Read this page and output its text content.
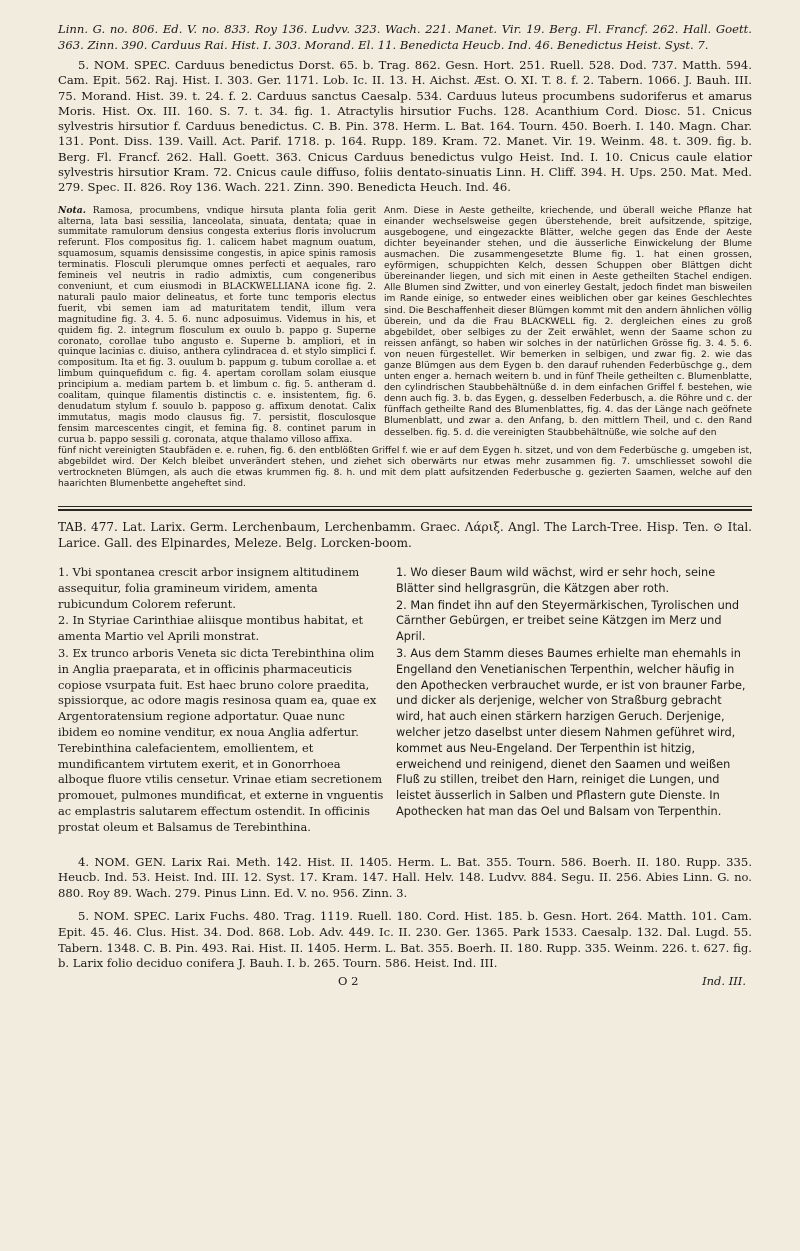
Linn. G. no. 806. Ed. V. no. 833. Roy 136. Ludvv. 323. Wach. 221. Manet. Vir. 19. Berg. Fl. Francf. 262. Hall. Goett. 363. Zinn. 390. Carduus Rai. Hist. I. 303. Morand. El. 11. Benedicta Heucb. Ind. 46. Benedictus Heist. Syst. 7.

5. NOM. SPEC. Carduus benedictus Dorst. 65. b. Trag. 862. Gesn. Hort. 251. Ruell. 528. Dod. 737. Matth. 594. Cam. Epit. 562. Raj. Hist. I. 303. Ger. 1171. Lob. Ic. II. 13. H. Aichst. Æst. O. XI. T. 8. f. 2. Tabern. 1066. J. Bauh. III. 75. Morand. Hist. 39. t. 24. f. 2. Carduus sanctus Caesalp. 534. Carduus luteus procumbens sudoriferus et amarus Moris. Hist. Ox. III. 160. S. 7. t. 34. fig. 1. Atractylis hirsutior Fuchs. 128. Acanthium Cord. Diosc. 51. Cnicus sylvestris hirsutior f. Carduus benedictus. C. B. Pin. 378. Herm. L. Bat. 164. Tourn. 450. Boerh. I. 140. Magn. Char. 131. Pont. Diss. 139. Vaill. Act. Parif. 1718. p. 164. Rupp. 189. Kram. 72. Manet. Vir. 19. Weinm. 48. t. 309. fig. b. Berg. Fl. Francf. 262. Hall. Goett. 363. Cnicus Carduus benedictus vulgo Heist. Ind. I. 10. Cnicus caule elatior sylvestris hirsutior Kram. 72. Cnicus caule diffuso, foliis dentato-sinuatis Linn. H. Cliff. 394. H. Ups. 250. Mat. Med. 279. Spec. II. 826. Roy 136. Wach. 221. Zinn. 390. Benedicta Heuch. Ind. 46.

Nota. Ramosa, procumbens, vndique hirsuta planta folia gerit alterna, lata basi sessilia, lanceolata, sinuata, dentata; quae in summitate ramulorum densius congesta exterius floris involucrum referunt. Flos compositus fig. 1. calicem habet magnum ouatum, squamosum, squamis densissime congestis, in apice spinis ramosis terminatis. Flosculi plerumque omnes perfecti et aequales, raro femineis vel neutris in radio admixtis, cum congeneribus conveniunt, et cum eiusmodi in BLACKWELLIANA icone fig. 2. naturali paulo maior delineatus, et forte tunc temporis electus fuerit, vbi semen iam ad maturitatem tendit, illum vera magnitudine fig. 3. 4. 5. 6. nunc adposuimus. Videmus in his, et quidem fig. 2. integrum flosculum ex ouulo b. pappo g. Superne coronato, corollae tubo angusto e. Superne b. ampliori, et in quinque lacinias c. diuiso, anthera cylindracea d. et stylo simplici f. compositum. Ita et fig. 3. ouulum b. pappum g. tubum corollae a. et limbum quinquefidum c. fig. 4. apertam corollam solam eiusque principium a. mediam partem b. et limbum c. fig. 5. antheram d. coalitam, quinque filamentis distinctis c. e. insistentem, fig. 6. denudatum stylum f. souulo b. papposo g. affixum denotat. Calix immutatus, magis modo clausus fig. 7. persistit, flosculosque fensim marcescentes cingit, et femina fig. 8. continet parum in curua b. pappo sessili g. coronata, atque thalamo villoso affixa.

Anm. Diese in Aeste getheilte, kriechende, und überall weiche Pflanze hat einander wechselsweise gegen überstehende, breit aufsitzende, spitzige, ausgebogene, und eingezackte Blätter, welche gegen das Ende der Aeste dichter beyeinander stehen, und die äusserliche Einwickelung der Blume ausmachen. Die zusammengesetzte Blume fig. 1. hat einen grossen, eyförmigen, schuppichten Kelch, dessen Schuppen ober Blättgen dicht übereinander liegen, und sich mit einen in Aeste getheilten Stachel endigen. Alle Blumen sind Zwitter, und von einerley Gestalt, jedoch findet man bisweilen im Rande einige, so entweder eines weiblichen ober gar keines Geschlechtes sind. Die Beschaffenheit dieser Blümgen kommt mit den andern ähnlichen völlig überein, und da die Frau BLACKWELL fig. 2. dergleichen eines zu groß abgebildet, ober selbiges zu der Zeit erwählet, wenn der Saame schon zu reissen anfängt, so haben wir solches in der natürlichen Grösse fig. 3. 4. 5. 6. von neuen fürgestellet. Wir bemerken in selbigen, und zwar fig. 2. wie das ganze Blümgen aus dem Eygen b. den darauf ruhenden Federbüschge g., dem unten enger a. hernach weitern b. und in fünf Theile getheilten c. Blumenblatte, den cylindrischen Staubbehältnüße d. in dem einfachen Griffel f. bestehen, wie denn auch fig. 3. b. das Eygen, g. desselben Federbusch, a. die Röhre und c. der fünffach getheilte Rand des Blumenblattes, fig. 4. das der Länge nach geöfnete Blumenblatt, und zwar a. den Anfang, b. den mittlern Theil, und c. den Rand desselben. fig. 5. d. die vereinigten Staubbehältnüße, wie solche auf den

fünf nicht vereinigten Staubfäden e. e. ruhen, fig. 6. den entblößten Griffel f. wie er auf dem Eygen h. sitzet, und von dem Federbüsche g. umgeben ist, abgebildet wird. Der Kelch bleibet unverändert stehen, und ziehet sich oberwärts nur etwas mehr zusammen fig. 7. umschliesset sowohl die vertrockneten Blümgen, als auch die etwas krummen fig. 8. h. und mit dem platt aufsitzenden Federbusche g. gezierten Saamen, welche auf den haarichten Blumenbette angeheftet sind.

TAB. 477. Lat. Larix. Germ. Lerchenbaum, Lerchenbamm. Graec. Λάριξ. Angl. The Larch-Tree. Hisp. Ten. ⊙ Ital. Larice. Gall. des Elpinardes, Meleze. Belg. Lorcken-boom.

1. Vbi spontanea crescit arbor insignem altitudinem assequitur, folia gramineum viridem, amenta rubicundum Colorem referunt.

2. In Styriae Carinthiae aliisque montibus habitat, et amenta Martio vel Aprili monstrat.

3. Ex trunco arboris Veneta sic dicta Terebinthina olim in Anglia praeparata, et in officinis pharmaceuticis copiose vsurpata fuit. Est haec bruno colore praedita, spissiorque, ac odore magis resinosa quam ea, quae ex Argentoratensium regione adportatur. Quae nunc ibidem eo nomine venditur, ex noua Anglia adfertur. Terebinthina calefacientem, emollientem, et mundificantem virtutem exerit, et in Gonorrhoea alboque fluore vtilis censetur. Vrinae etiam secretionem promouet, pulmones mundificat, et externe in vnguentis ac emplastris salutarem effectum ostendit. In officinis prostat oleum et Balsamus de Terebinthina.

1. Wo dieser Baum wild wächst, wird er sehr hoch, seine Blätter sind hellgrasgrün, die Kätzgen aber roth.

2. Man findet ihn auf den Steyermärkischen, Tyrolischen und Cärnther Gebürgen, er treibet seine Kätzgen im Merz und April.

3. Aus dem Stamm dieses Baumes erhielte man ehemahls in Engelland den Venetianischen Terpenthin, welcher häufig in den Apothecken verbrauchet wurde, er ist von brauner Farbe, und dicker als derjenige, welcher von Straßburg gebracht wird, hat auch einen stärkern harzigen Geruch. Derjenige, welcher jetzo daselbst unter diesem Nahmen geführet wird, kommet aus Neu-Engeland. Der Terpenthin ist hitzig, erweichend und reinigend, dienet den Saamen und weißen Fluß zu stillen, treibet den Harn, reiniget die Lungen, und leistet äusserlich in Salben und Pflastern gute Dienste. In Apothecken hat man das Oel und Balsam von Terpenthin.

4. NOM. GEN. Larix Rai. Meth. 142. Hist. II. 1405. Herm. L. Bat. 355. Tourn. 586. Boerh. II. 180. Rupp. 335. Heucb. Ind. 53. Heist. Ind. III. 12. Syst. 17. Kram. 147. Hall. Helv. 148. Ludvv. 884. Segu. II. 256. Abies Linn. G. no. 880. Roy 89. Wach. 279. Pinus Linn. Ed. V. no. 956. Zinn. 3.

5. NOM. SPEC. Larix Fuchs. 480. Trag. 1119. Ruell. 180. Cord. Hist. 185. b. Gesn. Hort. 264. Matth. 101. Cam. Epit. 45. 46. Clus. Hist. 34. Dod. 868. Lob. Adv. 449. Ic. II. 230. Ger. 1365. Park 1533. Caesalp. 132. Dal. Lugd. 55. Tabern. 1348. C. B. Pin. 493. Rai. Hist. II. 1405. Herm. L. Bat. 355. Boerh. II. 180. Rupp. 335. Weinm. 226. t. 627. fig. b. Larix folio deciduo conifera J. Bauh. I. b. 265. Tourn. 586. Heist. Ind. III.

O 2	Ind. III.
